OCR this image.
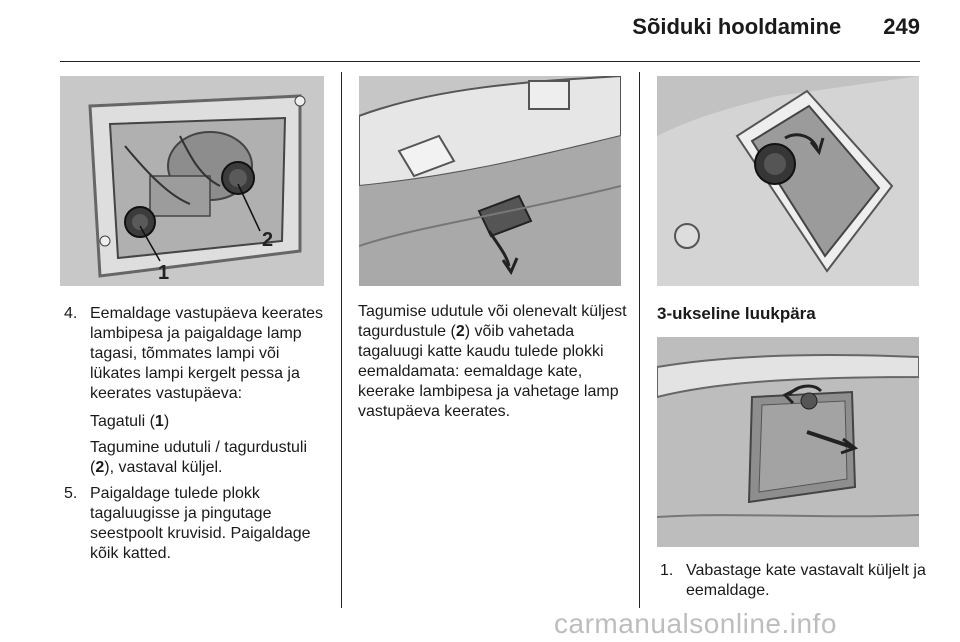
Sõiduki hooldamine 249
1
2
4. Eemaldage vastupäeva keerates lambipesa ja paigaldage lamp tagasi, tõmmates lampi või lükates lampi kergelt pessa ja keerates vastupäeva:
Tagatuli (1)
Tagumine udutuli / tagurdustuli (2), vastaval küljel.
5. Paigaldage tulede plokk tagaluugisse ja pingutage seestpoolt kruvisid. Paigaldage kõik katted.
Tagumise udutule või olenevalt küljest tagurdustule (2) võib vahetada tagaluugi katte kaudu tulede plokki eemaldamata: eemaldage kate, keerake lambipesa ja vahetage lamp vastupäeva keerates.
3-ukseline luukpära
1. Vabastage kate vastavalt küljelt ja eemaldage.
carmanualsonline.info
